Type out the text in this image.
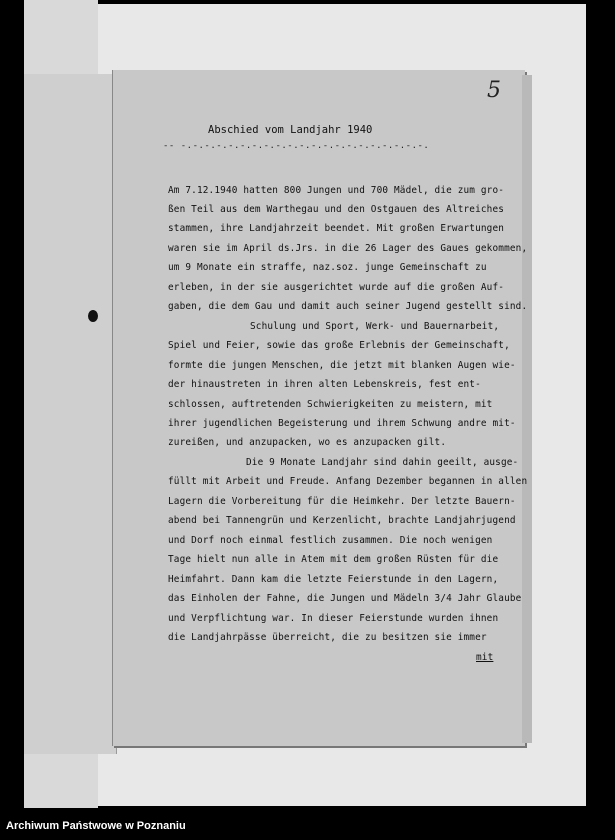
5
Abschied vom Landjahr 1940
-- -.-.-.-.-.-.-.-.-.-.-.-.-.-.-.-.-.-.-.-.-.
Am 7.12.1940 hatten 800 Jungen und 700 Mädel, die zum gro-
ßen Teil aus dem Warthegau und den Ostgauen des Altreiches
stammen, ihre Landjahrzeit beendet. Mit großen Erwartungen
waren sie im April ds.Jrs. in die 26 Lager des Gaues gekommen,
um 9 Monate ein straffe, naz.soz. junge Gemeinschaft zu
erleben, in der sie ausgerichtet wurde auf die großen Auf-
gaben, die dem Gau und damit auch seiner Jugend gestellt sind.
Schulung und Sport, Werk- und Bauernarbeit,
Spiel und Feier, sowie das große Erlebnis der Gemeinschaft,
formte die jungen Menschen, die jetzt mit blanken Augen wie-
der hinaustreten in ihren alten Lebenskreis, fest ent-
schlossen, auftretenden Schwierigkeiten zu meistern, mit
ihrer jugendlichen Begeisterung und ihrem Schwung andre mit-
zureißen, und anzupacken, wo es anzupacken gilt.
Die 9 Monate Landjahr sind dahin geeilt, ausge-
füllt mit Arbeit und Freude. Anfang Dezember begannen in allen
Lagern die Vorbereitung für die Heimkehr. Der letzte Bauern-
abend bei Tannengrün und Kerzenlicht, brachte Landjahrjugend
und Dorf noch einmal festlich zusammen. Die noch wenigen
Tage hielt nun alle in Atem mit dem großen Rüsten für die
Heimfahrt. Dann kam die letzte Feierstunde in den Lagern,
das Einholen der Fahne, die Jungen und Mädeln 3/4 Jahr Glaube
und Verpflichtung war. In dieser Feierstunde wurden ihnen
die Landjahrpässe überreicht, die zu besitzen sie immer
mit
Archiwum Państwowe w Poznaniu
